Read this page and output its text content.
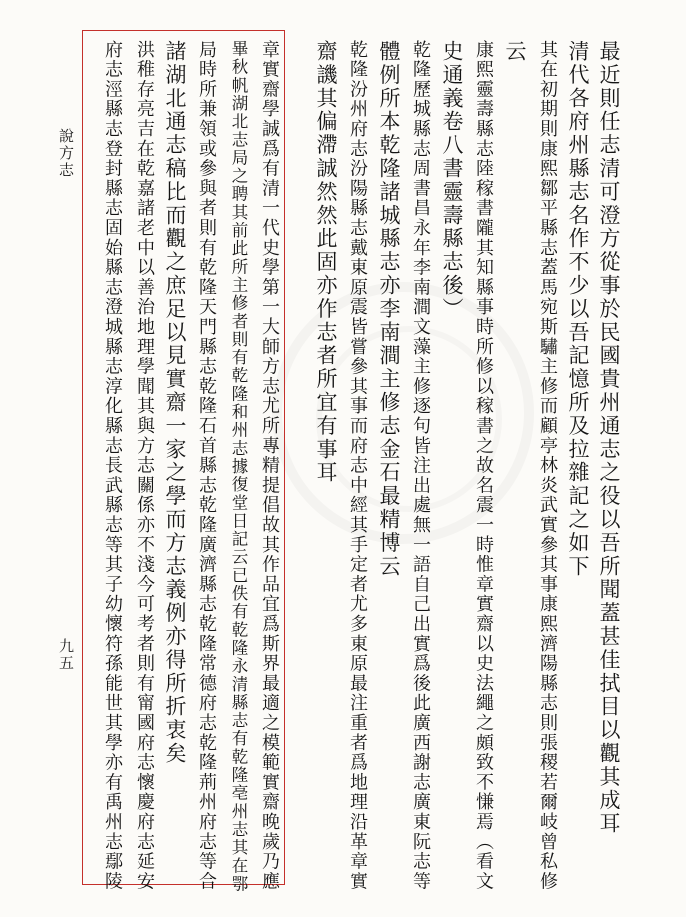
說方志
九五	最近則任志清可澄方從事於民國貴州通志之役以吾所聞蓋甚佳拭目以觀其成耳
清代各府州縣志名作不少以吾記憶所及拉雜記之如下
其在初期則康熙鄒平縣志蓋馬宛斯驌主修而顧亭林炎武實參其事康熙濟陽縣志則張稷若爾岐曾私修
云
康熙靈壽縣志陸稼書隴其知縣事時所修以稼書之故名震一時惟章實齋以史法繩之頗致不慊焉（看文
史通義卷八書靈壽縣志後）
乾隆歷城縣志周書昌永年李南澗文藻主修逐句皆注出處無一語自己出實爲後此廣西謝志廣東阮志等
體例所本乾隆諸城縣志亦李南澗主修志金石最精博云
乾隆汾州府志汾陽縣志戴東原震皆嘗參其事而府志中經其手定者尤多東原最注重者爲地理沿革章實
齋譏其偏滯誠然然此固亦作志者所宜有事耳
章實齋學誠爲有清一代史學第一大師方志尤所專精提倡故其作品宜爲斯界最適之模範實齋晚歲乃應
畢秋帆湖北志局之聘其前此所主修者則有乾隆和州志據復堂日記云已佚有乾隆永清縣志有乾隆亳州志其在鄂
局時所兼領或參與者則有乾隆天門縣志乾隆石首縣志乾隆廣濟縣志乾隆常德府志乾隆荊州府志等合
諸湖北通志稿比而觀之庶足以見實齋一家之學而方志義例亦得所折衷矣
洪稚存亮吉在乾嘉諸老中以善治地理學聞其與方志關係亦不淺今可考者則有甯國府志懷慶府志延安
府志涇縣志登封縣志固始縣志澄城縣志淳化縣志長武縣志等其子幼懷符孫能世其學亦有禹州志鄢陵
